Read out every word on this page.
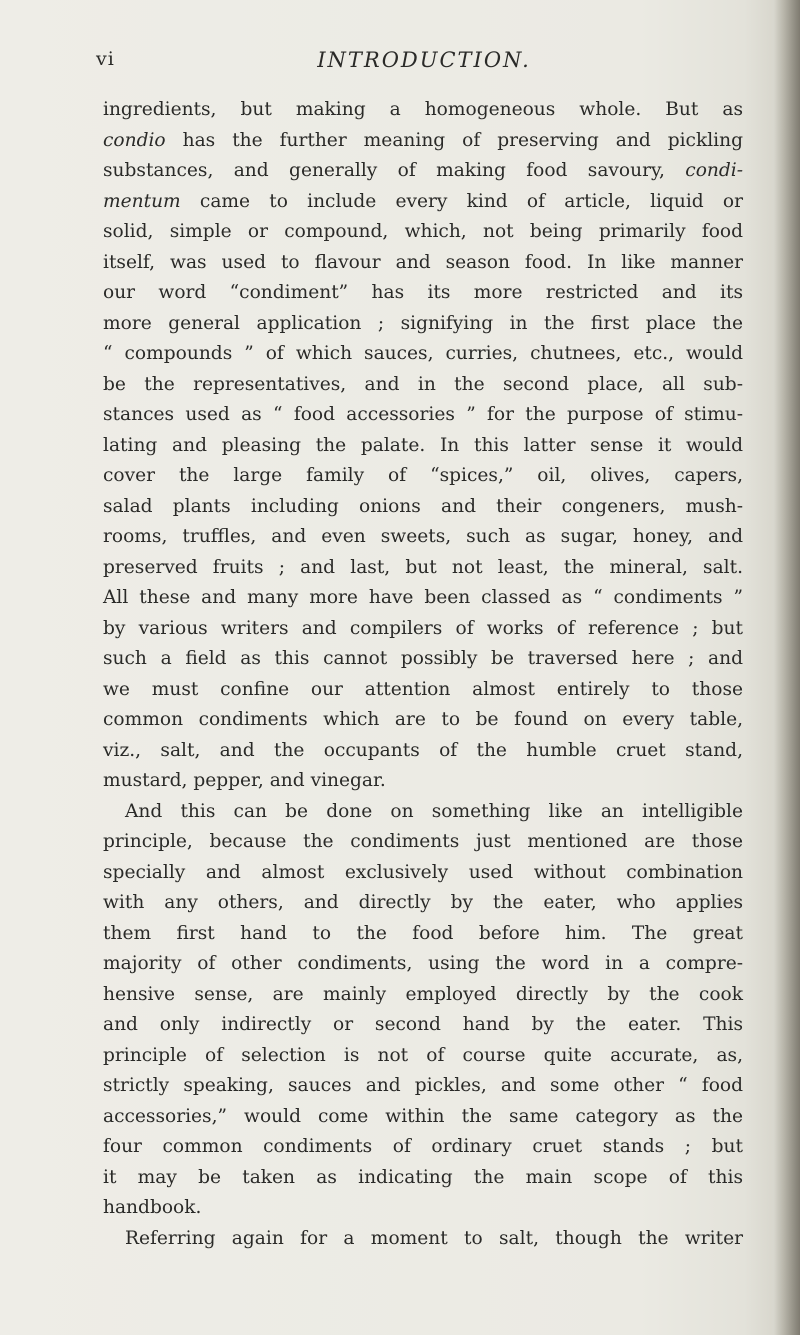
vi	INTRODUCTION.
ingredients, but making a homogeneous whole. But as
condio has the further meaning of preserving and pickling
substances, and generally of making food savoury, condi-
mentum came to include every kind of article, liquid or
solid, simple or compound, which, not being primarily food
itself, was used to flavour and season food. In like manner
our word “condiment” has its more restricted and its
more general application ; signifying in the first place the
“ compounds ” of which sauces, curries, chutnees, etc., would
be the representatives, and in the second place, all sub-
stances used as “ food accessories ” for the purpose of stimu-
lating and pleasing the palate. In this latter sense it would
cover the large family of “spices,” oil, olives, capers,
salad plants including onions and their congeners, mush-
rooms, truffles, and even sweets, such as sugar, honey, and
preserved fruits ; and last, but not least, the mineral, salt.
All these and many more have been classed as “ condiments ”
by various writers and compilers of works of reference ; but
such a field as this cannot possibly be traversed here ; and
we must confine our attention almost entirely to those
common condiments which are to be found on every table,
viz., salt, and the occupants of the humble cruet stand,
mustard, pepper, and vinegar.
And this can be done on something like an intelligible
principle, because the condiments just mentioned are those
specially and almost exclusively used without combination
with any others, and directly by the eater, who applies
them first hand to the food before him. The great
majority of other condiments, using the word in a compre-
hensive sense, are mainly employed directly by the cook
and only indirectly or second hand by the eater. This
principle of selection is not of course quite accurate, as,
strictly speaking, sauces and pickles, and some other “ food
accessories,” would come within the same category as the
four common condiments of ordinary cruet stands ; but
it may be taken as indicating the main scope of this
handbook.
Referring again for a moment to salt, though the writer
